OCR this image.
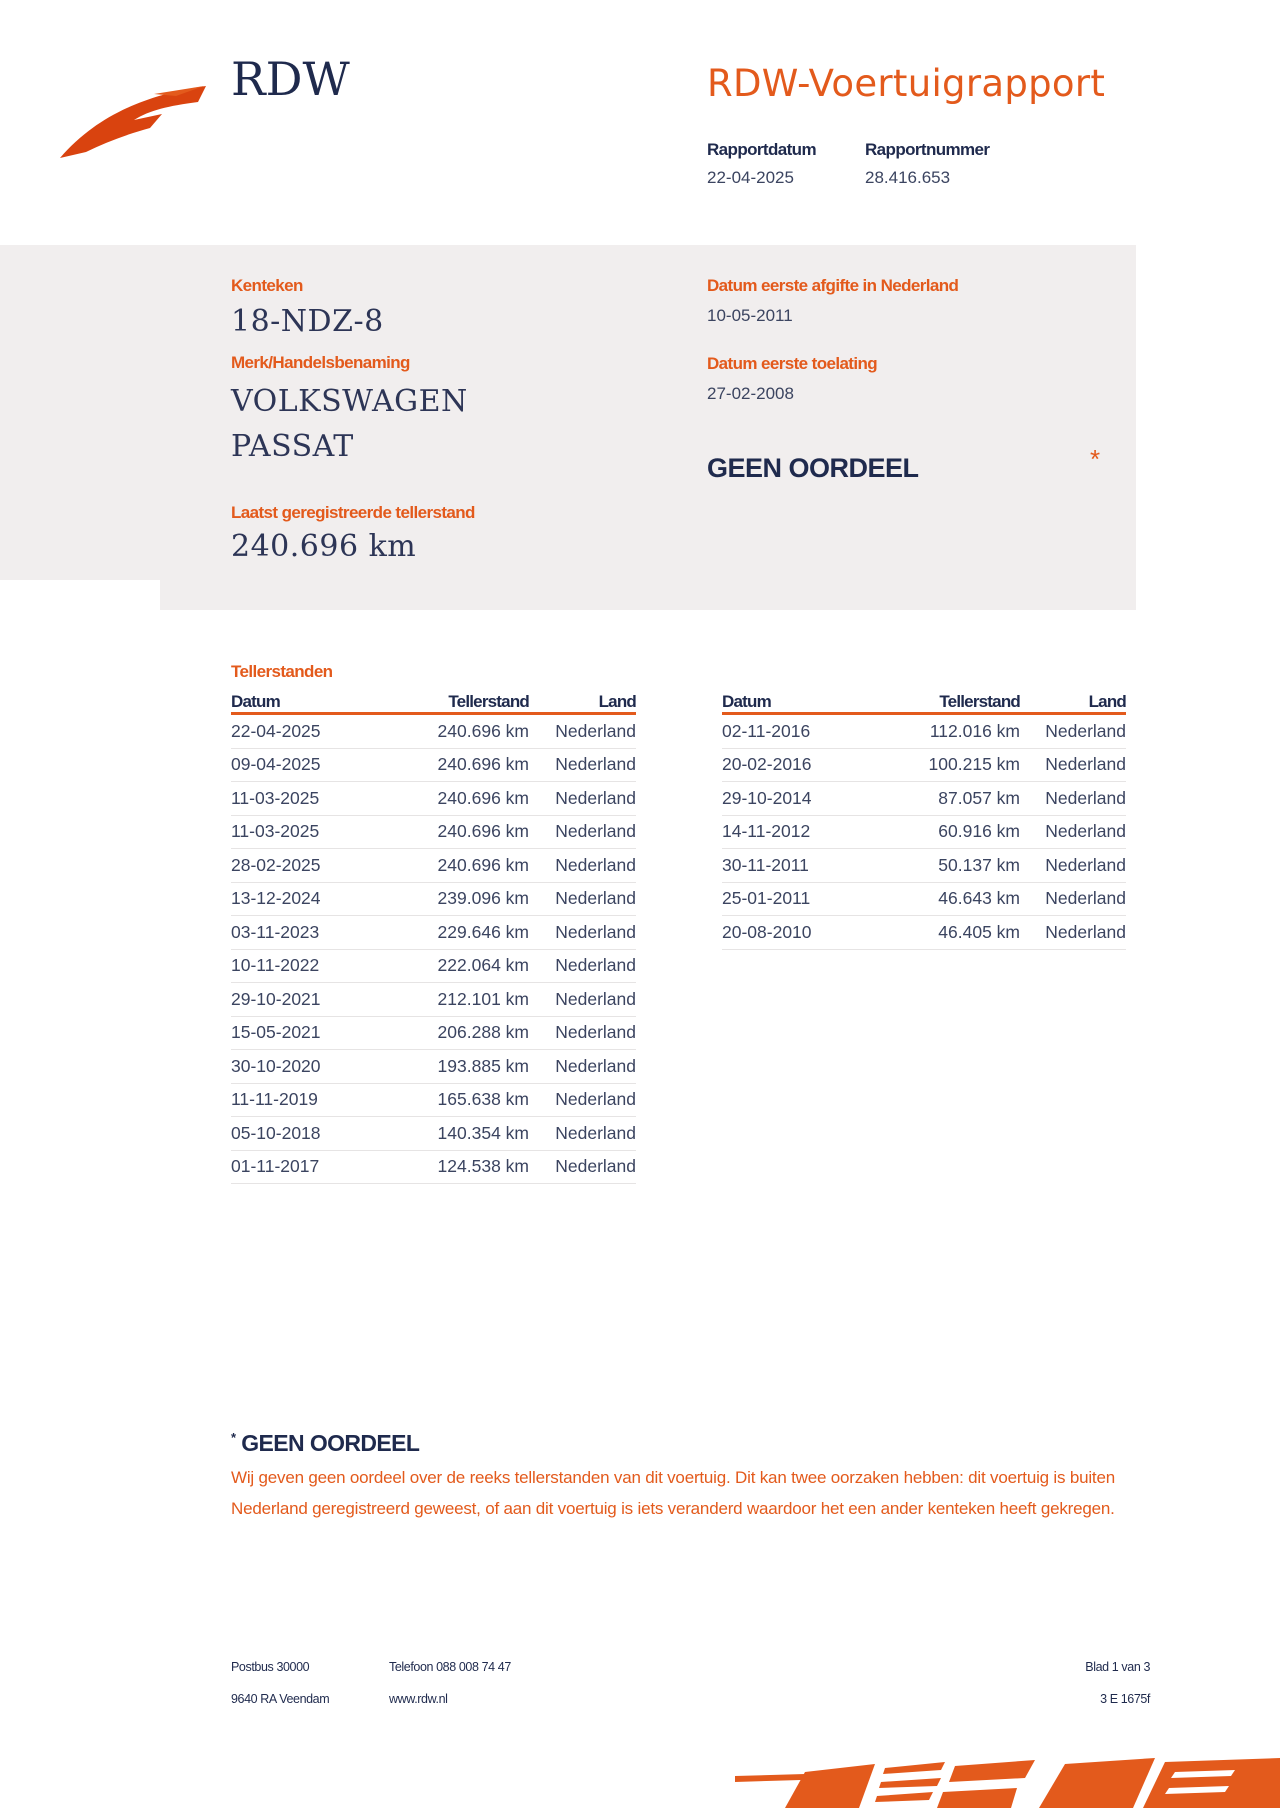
RDW	RDW-Voertuigrapport
Rapportdatum
22-04-2025
Rapportnummer
28.416.653
Kenteken
18-NDZ-8
Merk/Handelsbenaming
VOLKSWAGEN
PASSAT
Laatst geregistreerde tellerstand
240.696 km
Datum eerste afgifte in Nederland
10-05-2011
Datum eerste toelating
27-02-2008
GEEN OORDEEL	*
Tellerstanden
Datum	Tellerstand	Land
22-04-2025	240.696 km	Nederland
09-04-2025	240.696 km	Nederland
11-03-2025	240.696 km	Nederland
11-03-2025	240.696 km	Nederland
28-02-2025	240.696 km	Nederland
13-12-2024	239.096 km	Nederland
03-11-2023	229.646 km	Nederland
10-11-2022	222.064 km	Nederland
29-10-2021	212.101 km	Nederland
15-05-2021	206.288 km	Nederland
30-10-2020	193.885 km	Nederland
11-11-2019	165.638 km	Nederland
05-10-2018	140.354 km	Nederland
01-11-2017	124.538 km	Nederland
Datum	Tellerstand	Land
02-11-2016	112.016 km	Nederland
20-02-2016	100.215 km	Nederland
29-10-2014	87.057 km	Nederland
14-11-2012	60.916 km	Nederland
30-11-2011	50.137 km	Nederland
25-01-2011	46.643 km	Nederland
20-08-2010	46.405 km	Nederland
* GEEN OORDEEL
Wij geven geen oordeel over de reeks tellerstanden van dit voertuig. Dit kan twee oorzaken hebben: dit voertuig is buiten Nederland geregistreerd geweest, of aan dit voertuig is iets veranderd waardoor het een ander kenteken heeft gekregen.
Postbus 30000
9640 RA Veendam
Telefoon 088 008 74 47
www.rdw.nl
Blad 1 van 3
3 E 1675f
